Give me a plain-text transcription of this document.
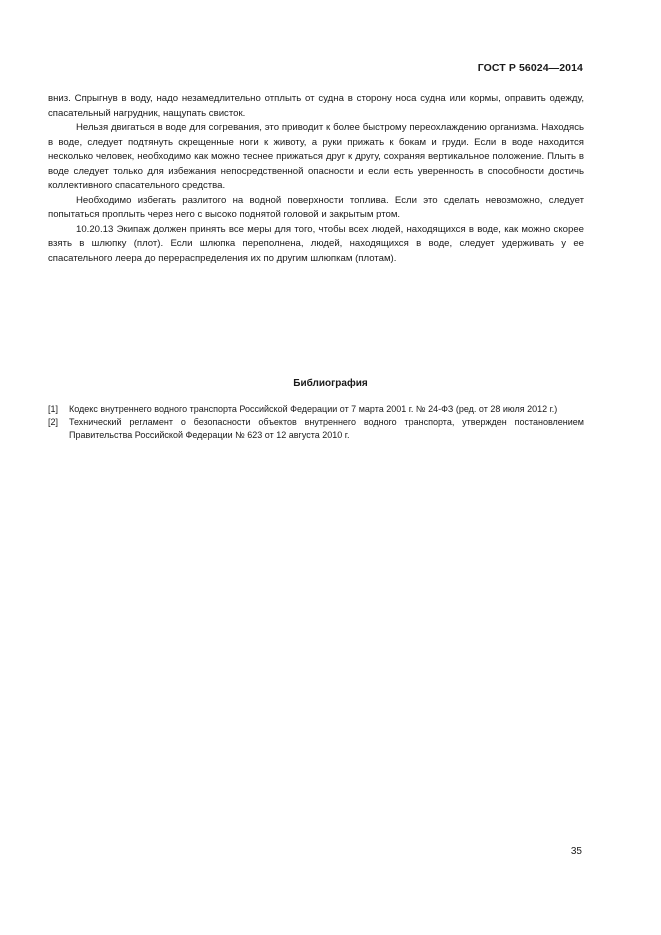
ГОСТ Р 56024—2014

вниз. Спрыгнув в воду, надо незамедлительно отплыть от судна в сторону носа судна или кормы, оправить одежду, спасательный нагрудник, нащупать свисток.

Нельзя двигаться в воде для согревания, это приводит к более быстрому переохлаждению организма. Находясь в воде, следует подтянуть скрещенные ноги к животу, а руки прижать к бокам и груди. Если в воде находится несколько человек, необходимо как можно теснее прижаться друг к другу, сохраняя вертикальное положение. Плыть в воде следует только для избежания непосредственной опасности и если есть уверенность в способности достичь коллективного спасательного средства.

Необходимо избегать разлитого на водной поверхности топлива. Если это сделать невозможно, следует попытаться проплыть через него с высоко поднятой головой и закрытым ртом.

10.20.13 Экипаж должен принять все меры для того, чтобы всех людей, находящихся в воде, как можно скорее взять в шлюпку (плот). Если шлюпка переполнена, людей, находящихся в воде, следует удерживать у ее спасательного леера до перераспределения их по другим шлюпкам (плотам).

Библиография
[1]	Кодекс внутреннего водного транспорта Российской Федерации от 7 марта 2001 г. № 24-ФЗ (ред. от 28 июля 2012 г.)
[2]	Технический регламент о безопасности объектов внутреннего водного транспорта, утвержден постановлением Правительства Российской Федерации № 623 от 12 августа 2010 г.
35
